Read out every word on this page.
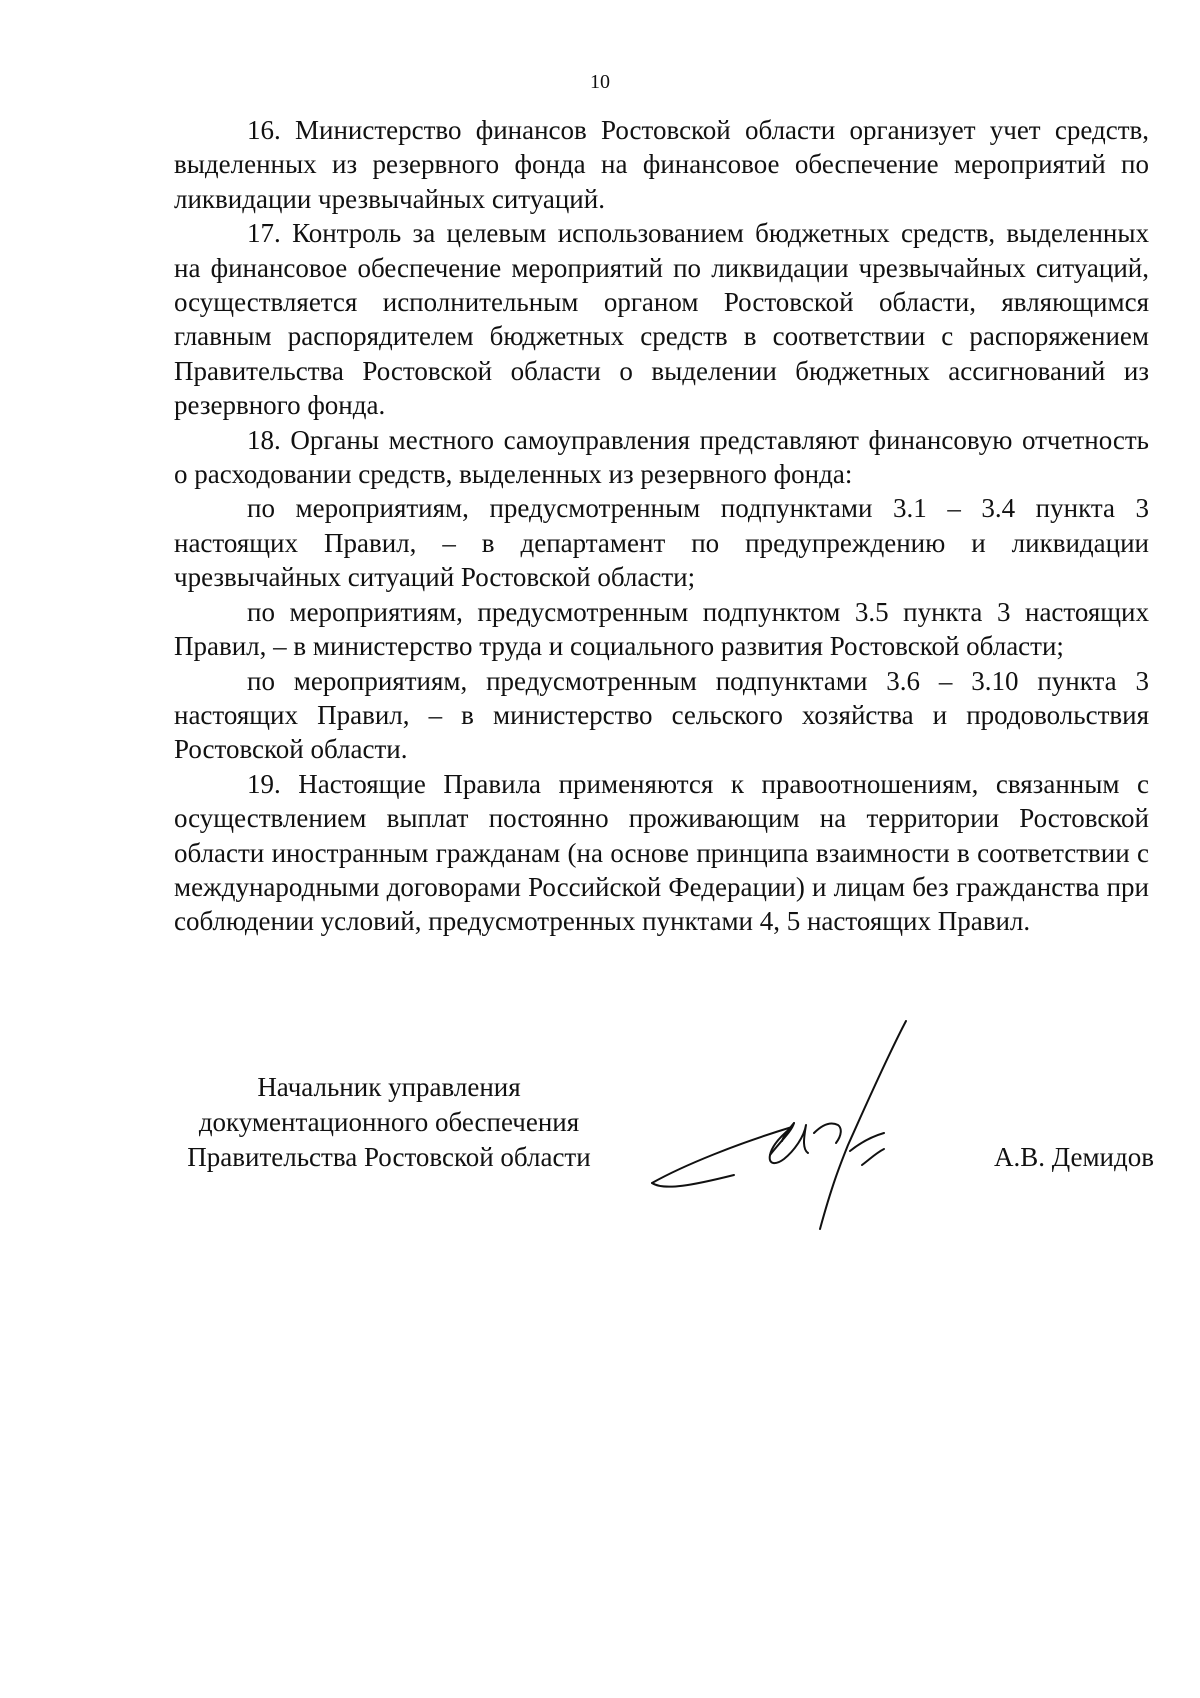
10

16. Министерство финансов Ростовской области организует учет средств, выделенных из резервного фонда на финансовое обеспечение мероприятий по ликвидации чрезвычайных ситуаций.

17. Контроль за целевым использованием бюджетных средств, выделенных на финансовое обеспечение мероприятий по ликвидации чрезвычайных ситуаций, осуществляется исполнительным органом Ростовской области, являющимся главным распорядителем бюджетных средств в соответствии с распоряжением Правительства Ростовской области о выделении бюджетных ассигнований из резервного фонда.

18. Органы местного самоуправления представляют финансовую отчетность о расходовании средств, выделенных из резервного фонда:

по мероприятиям, предусмотренным подпунктами 3.1 – 3.4 пункта 3 настоящих Правил, – в департамент по предупреждению и ликвидации чрезвычайных ситуаций Ростовской области;

по мероприятиям, предусмотренным подпунктом 3.5 пункта 3 настоящих Правил, – в министерство труда и социального развития Ростовской области;

по мероприятиям, предусмотренным подпунктами 3.6 – 3.10 пункта 3 настоящих Правил, – в министерство сельского хозяйства и продовольствия Ростовской области.

19. Настоящие Правила применяются к правоотношениям, связанным с осуществлением выплат постоянно проживающим на территории Ростовской области иностранным гражданам (на основе принципа взаимности в соответствии с международными договорами Российской Федерации) и лицам без гражданства при соблюдении условий, предусмотренных пунктами 4, 5 настоящих Правил.

Начальник управления
документационного обеспечения
Правительства Ростовской области	А.В. Демидов
